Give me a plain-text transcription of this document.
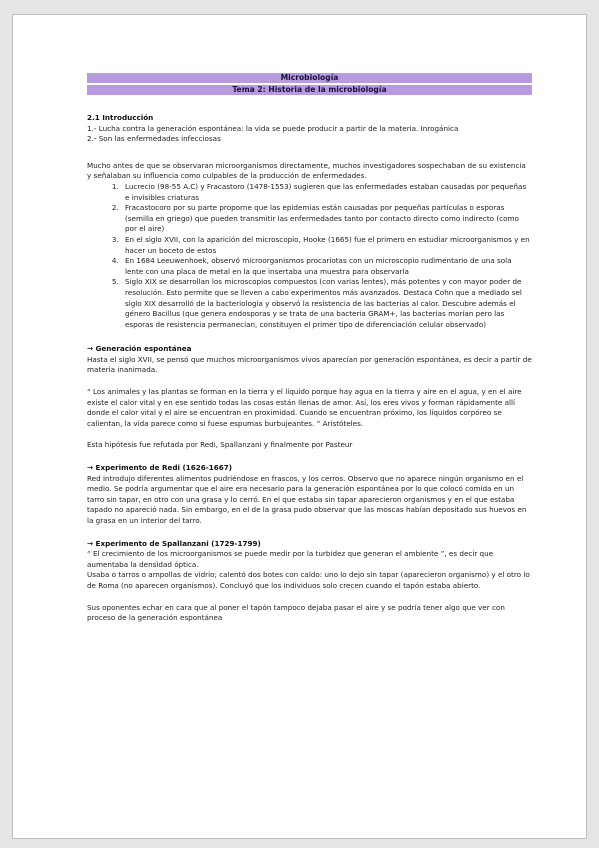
Microbiología
Tema 2: Historia de la microbiología

2.1 Introducción

1.- Lucha contra la generación espontánea: la vida se puede producir a partir de la materia. Inrogánica

2.- Son las enfermedades infecciosas

Mucho antes de que se observaran microorganismos directamente, muchos investigadores sospechaban de su existencia y señalaban su influencia como culpables de la producción de enfermedades.

1. Lucrecio (98-55 A.C) y Fracastoro (1478-1553) sugieren que las enfermedades estaban causadas por pequeñas e invisibles criaturas
2. Fracastocoro por su parte proporne que las epidemias están causadas por pequeñas partículas o esporas (semilla en griego) que pueden transmitir las enfermedades tanto por contacto directo como indirecto (como por el aire)
3. En el siglo XVII, con la aparición del microscopio, Hooke (1665) fue el primero en estudiar microorganismos y en hacer un boceto de estos
4. En 1684 Leeuwenhoek, observó microorganismos procariotas con un microscopio rudimentario de una sola lente con una placa de metal en la que insertaba una muestra para observarla
5. Siglo XIX se desarrollan los microscopios compuestos (con varias lentes), más potentes y con mayor poder de resolución. Esto permite que se lleven a cabo experimentos más avanzados. Destaca Cohn que a mediado sel siglo XIX desarrolló de la bacteriología y observó la resistencia de las bacterias al calor. Descubre además el género Bacillus (que genera endosporas y se trata de una bacteria GRAM+, las bacterias morían pero las esporas de resistencia permanecían, constituyen el primer tipo de diferenciación celular observado)

→ Generación espontánea

Hasta el siglo XVII, se pensó que muchos microorganismos vivos aparecían por generación espontánea, es decir a partir de materia inanimada.

“ Los animales y las plantas se forman en la tierra y el líquido porque hay agua en la tierra y aire en el agua, y en el aire existe el calor vital y en ese sentido todas las cosas están llenas de amor. Así, los eres vivos y forman rápidamente allí donde el calor vital y el aire se encuentran en proximidad. Cuando se encuentran próximo, los líquidos corpóreo se calientan, la vida parece como si fuese espumas burbujeantes. ” Aristóteles.

Esta hipótesis fue refutada por Redi, Spallanzani y finalmente por Pasteur

→ Experimento de Redi (1626-1667)

Red introdujo diferentes alimentos pudriéndose en frascos, y los cerros. Observo que no aparece ningún organismo en el medio. Se podría argumentar que el aire era necesario para la generación espontánea por lo que colocó comida en un tarro sin tapar, en otro con una grasa y lo cerró. En el que estaba sin tapar aparecieron organismos y en el que estaba tapado no apareció nada. Sin embargo, en el de la grasa pudo observar que las moscas habían depositado sus huevos en la grasa en un interior del tarro.

→ Experimento de Spallanzani (1729-1799)

“ El crecimiento de los microorganismos se puede medir por la turbidez que generan el ambiente ”, es decir que aumentaba la densidad óptica.

Usaba o tarros o ampollas de vidrio; calentó dos botes con caldo: uno lo dejo sin tapar (aparecieron organismo) y el otro lo de Roma (no aparecen organismos). Concluyó que los individuos solo crecen cuando el tapón estaba abierto.

Sus oponentes echar en cara que al poner el tapón tampoco dejaba pasar el aire y se podría tener algo que ver con proceso de la generación espontánea
